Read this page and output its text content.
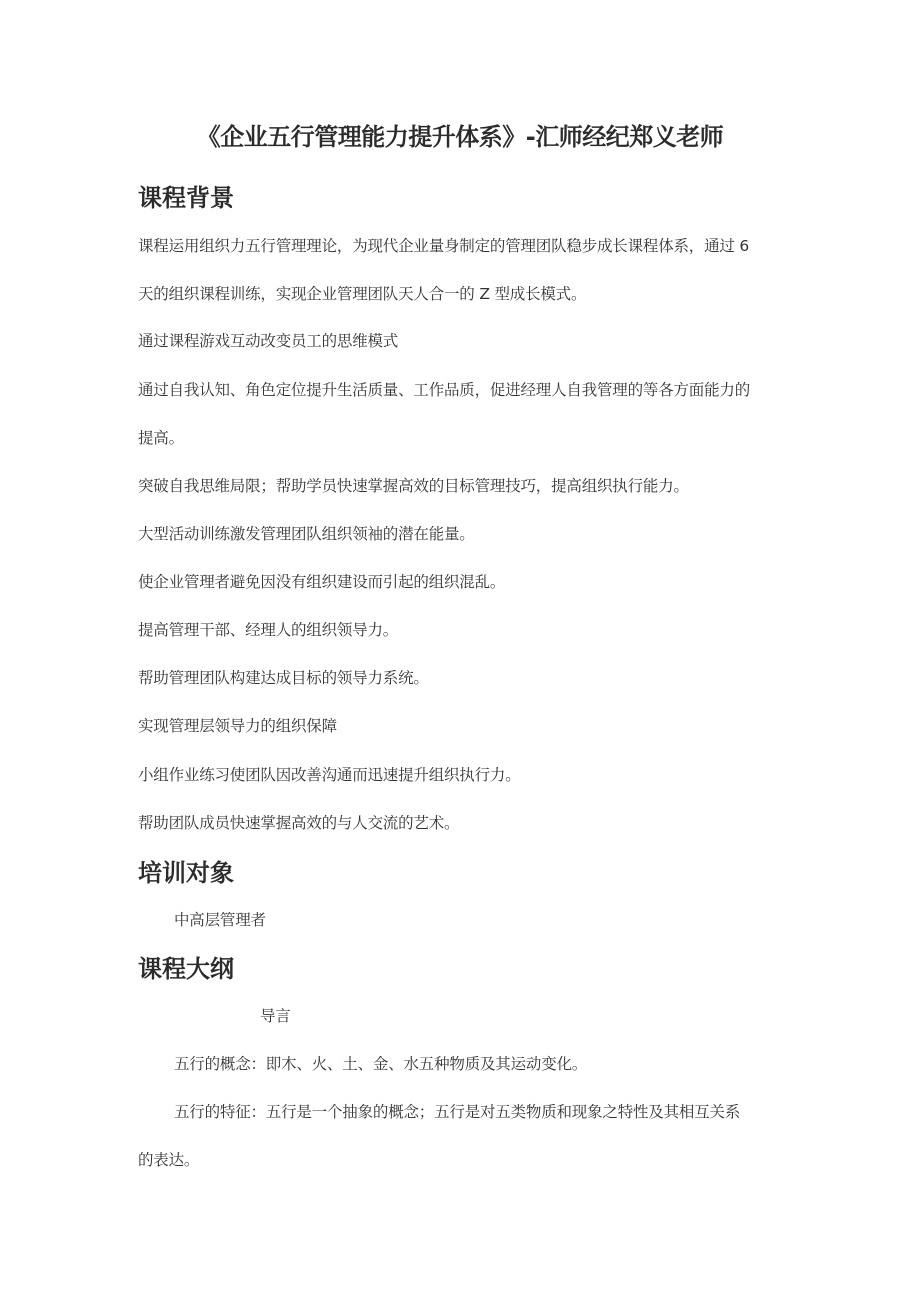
《企业五行管理能力提升体系》-汇师经纪郑义老师
课程背景
课程运用组织力五行管理理论，为现代企业量身制定的管理团队稳步成长课程体系，通过 6
天的组织课程训练，实现企业管理团队天人合一的 Z 型成长模式。
通过课程游戏互动改变员工的思维模式
通过自我认知、角色定位提升生活质量、工作品质，促进经理人自我管理的等各方面能力的
提高。
突破自我思维局限；帮助学员快速掌握高效的目标管理技巧，提高组织执行能力。
大型活动训练激发管理团队组织领袖的潜在能量。
使企业管理者避免因没有组织建设而引起的组织混乱。
提高管理干部、经理人的组织领导力。
帮助管理团队构建达成目标的领导力系统。
实现管理层领导力的组织保障
小组作业练习使团队因改善沟通而迅速提升组织执行力。
帮助团队成员快速掌握高效的与人交流的艺术。
培训对象
中高层管理者
课程大纲
导言
五行的概念：即木、火、土、金、水五种物质及其运动变化。
五行的特征：五行是一个抽象的概念；五行是对五类物质和现象之特性及其相互关系
的表达。
